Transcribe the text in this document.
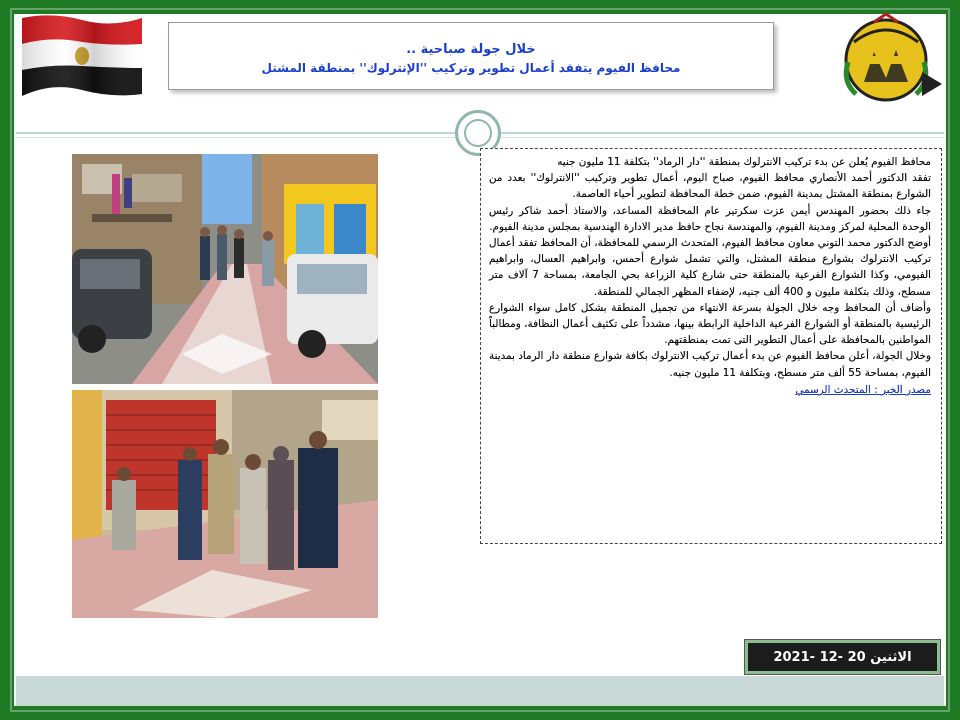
خلال جولة صباحية ..
محافظ الفيوم يتفقد أعمال تطوير وتركيب ''الإنترلوك'' بمنطقة المشتل

محافظ الفيوم يُعلن عن بدء تركيب الانترلوك بمنطقة ''دار الرماد'' بتكلفة 11 مليون جنيه

تفقد الدكتور أحمد الأنصاري محافظ الفيوم، صباح اليوم، أعمال تطوير وتركيب ''الانترلوك'' بعدد من الشوارع بمنطقة المشتل بمدينة الفيوم، ضمن خطة المحافظة لتطوير أحياء العاصمة.

جاء ذلك بحضور المهندس أيمن عزت سكرتير عام المحافظة المساعد، والاستاذ أحمد شاكر رئيس الوحدة المحلية لمركز ومدينة الفيوم، والمهندسة نجاح حافظ مدير الادارة الهندسية بمجلس مدينة الفيوم.

أوضح الدكتور محمد التوني معاون محافظ الفيوم، المتحدث الرسمي للمحافظة، أن المحافظ تفقد أعمال تركيب الانترلوك بشوارع منطقة المشتل، والتي تشمل شوارع أحمس، وابراهيم العسال، وابراهيم الفيومي، وكذا الشوارع الفرعية بالمنطقة حتى شارع كلية الزراعة بحي الجامعة، بمساحة 7 آلاف متر مسطح، وذلك بتكلفة مليون و 400 ألف جنيه، لإضفاء المظهر الجمالي للمنطقة.

وأضاف أن المحافظ وجه خلال الجولة بسرعة الانتهاء من تجميل المنطقة بشكل كامل سواء الشوارع الرئيسية بالمنطقة أو الشوارع الفرعية الداخلية الرابطة بينها، مشدداً على تكثيف أعمال النظافة، ومطالباً المواطنين بالمحافظة على أعمال التطوير التى تمت بمنطقتهم.

وخلال الجولة، أعلن محافظ الفيوم عن بدء أعمال تركيب الانترلوك بكافة شوارع منطقة دار الرماد بمدينة الفيوم، بمساحة 55 ألف متر مسطح، وبتكلفة 11 مليون جنيه.

مصدر الخبر : المتحدث الرسمي
الاثنين 20 -12 -2021
